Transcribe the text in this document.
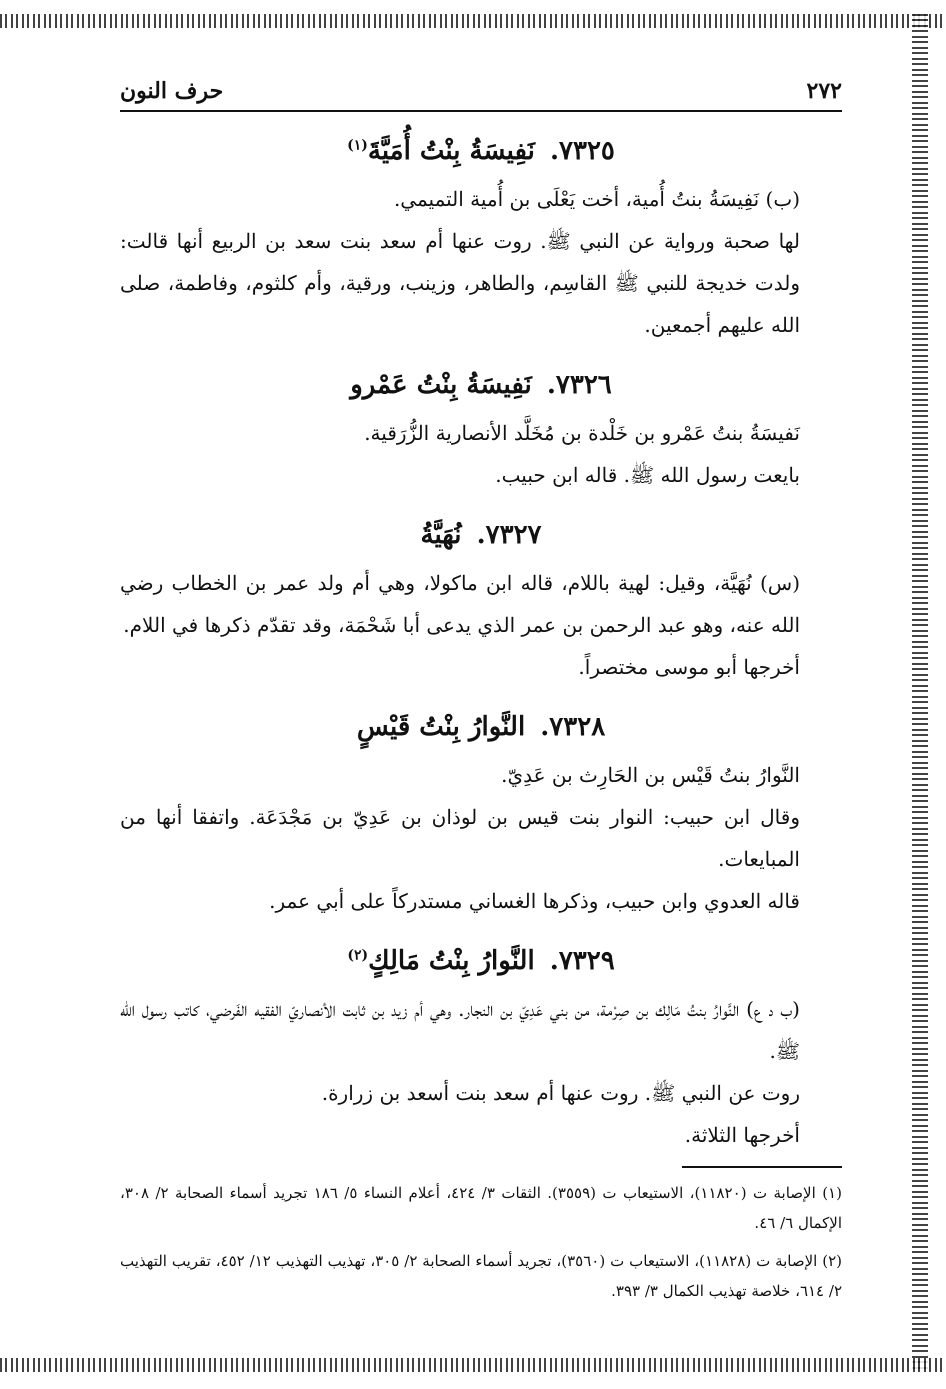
٢٧٢
حرف النون
٧٣٢٥. نَفِيسَةُ بِنْتُ أُمَيَّةَ$^{(١)}$

(ب) نَفِيسَةُ بنتُ أُمية، أخت يَعْلَى بن أُمية التميمي.

لها صحبة ورواية عن النبي ﷺ. روت عنها أم سعد بنت سعد بن الربيع أنها قالت: ولدت خديجة للنبي ﷺ القاسِم، والطاهر، وزينب، ورقية، وأم كلثوم، وفاطمة، صلى الله عليهم أجمعين.

٧٣٢٦. نَفِيسَةُ بِنْتُ عَمْرو

نَفيسَةُ بنتُ عَمْرو بن خَلْدة بن مُخَلَّد الأنصارية الزُّرَقية.

بايعت رسول الله ﷺ. قاله ابن حبيب.

٧٣٢٧. نُهَيَّةُ

(س) نُهَيَّة، وقيل: لهية باللام، قاله ابن ماكولا، وهي أم ولد عمر بن الخطاب رضي الله عنه، وهو عبد الرحمن بن عمر الذي يدعى أبا شَحْمَة، وقد تقدّم ذكرها في اللام.

أخرجها أبو موسى مختصراً.

٧٣٢٨. النَّوارُ بِنْتُ قَيْسٍ

النَّوارُ بنتُ قَيْس بن الحَارِث بن عَدِيّ.

وقال ابن حبيب: النوار بنت قيس بن لوذان بن عَدِيّ بن مَجْدَعَة. واتفقا أنها من المبايعات.

قاله العدوي وابن حبيب، وذكرها الغساني مستدركاً على أبي عمر.

٧٣٢٩. النَّوارُ بِنْتُ مَالِكٍ$^{(٢)}$

(ب د ع) النَّوارُ بنتُ مَالِك بن صِرْمة، من بني عَدِيّ بن النجار. وهي أم زيد بن ثابت الأنصاريّ الفقيه الفَرضي، كاتب رسول الله ﷺ.

روت عن النبي ﷺ. روت عنها أم سعد بنت أسعد بن زرارة.

أخرجها الثلاثة.

(١) الإصابة ت (١١٨٢٠)، الاستيعاب ت (٣٥٥٩). الثقات ٣/ ٤٢٤، أعلام النساء ٥/ ١٨٦ تجريد أسماء الصحابة ٢/ ٣٠٨، الإكمال ٦/ ٤٦.

(٢) الإصابة ت (١١٨٢٨)، الاستيعاب ت (٣٥٦٠)، تجريد أسماء الصحابة ٢/ ٣٠٥، تهذيب التهذيب ١٢/ ٤٥٢، تقريب التهذيب ٢/ ٦١٤، خلاصة تهذيب الكمال ٣/ ٣٩٣.
